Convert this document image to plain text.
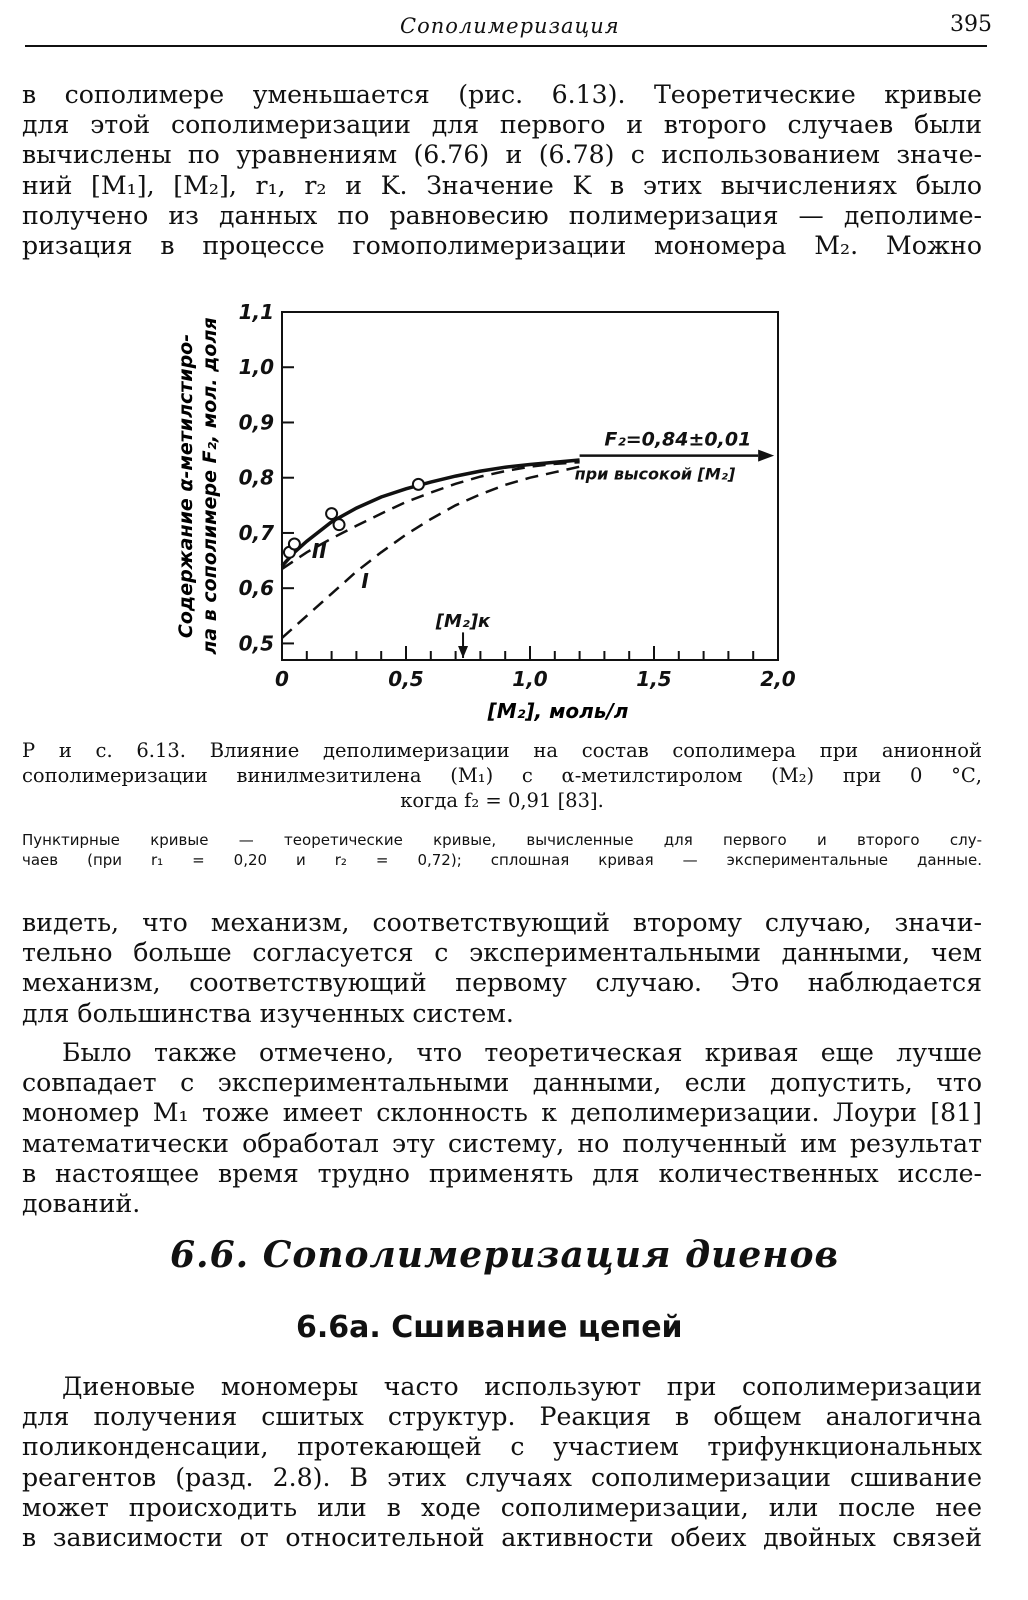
Сополимеризация	395

в сополимере уменьшается (рис. 6.13). Теоретические кривые
для этой сополимеризации для первого и второго случаев были
вычислены по уравнениям (6.76) и (6.78) с использованием значе-
ний [M₁], [M₂], r₁, r₂ и K. Значение K в этих вычислениях было
получено из данных по равновесию полимеризация — деполиме-
ризация в процессе гомополимеризации мономера M₂. Можно

Содержание α-метилстиро- ла в сополимере F₂, мол. доля
[M₂], моль/л
0,5
0,6
0,7
0,8
0,9
1,0
1,1
0	0,5	1,0	1,5	2,0
II
I
F₂=0,84±0,01
при высокой [M₂]
[M₂]к
Р и с. 6.13. Влияние деполимеризации на состав сополимера при анионной
сополимеризации винилмезитилена (M₁) с α-метилстиролом (M₂) при 0 °С,
когда f₂ = 0,91 [83].
Пунктирные кривые — теоретические кривые, вычисленные для первого и второго слу-
чаев (при r₁ = 0,20 и r₂ = 0,72); сплошная кривая — экспериментальные данные.

видеть, что механизм, соответствующий второму случаю, значи-
тельно больше согласуется с экспериментальными данными, чем
механизм, соответствующий первому случаю. Это наблюдается
для большинства изученных систем.

Было также отмечено, что теоретическая кривая еще лучше
совпадает с экспериментальными данными, если допустить, что
мономер M₁ тоже имеет склонность к деполимеризации. Лоури [81]
математически обработал эту систему, но полученный им результат
в настоящее время трудно применять для количественных иссле-
дований.

6.6. Сополимеризация диенов
6.6а. Сшивание цепей

Диеновые мономеры часто используют при сополимеризации
для получения сшитых структур. Реакция в общем аналогична
поликонденсации, протекающей с участием трифункциональных
реагентов (разд. 2.8). В этих случаях сополимеризации сшивание
может происходить или в ходе сополимеризации, или после нее
в зависимости от относительной активности обеих двойных связей
